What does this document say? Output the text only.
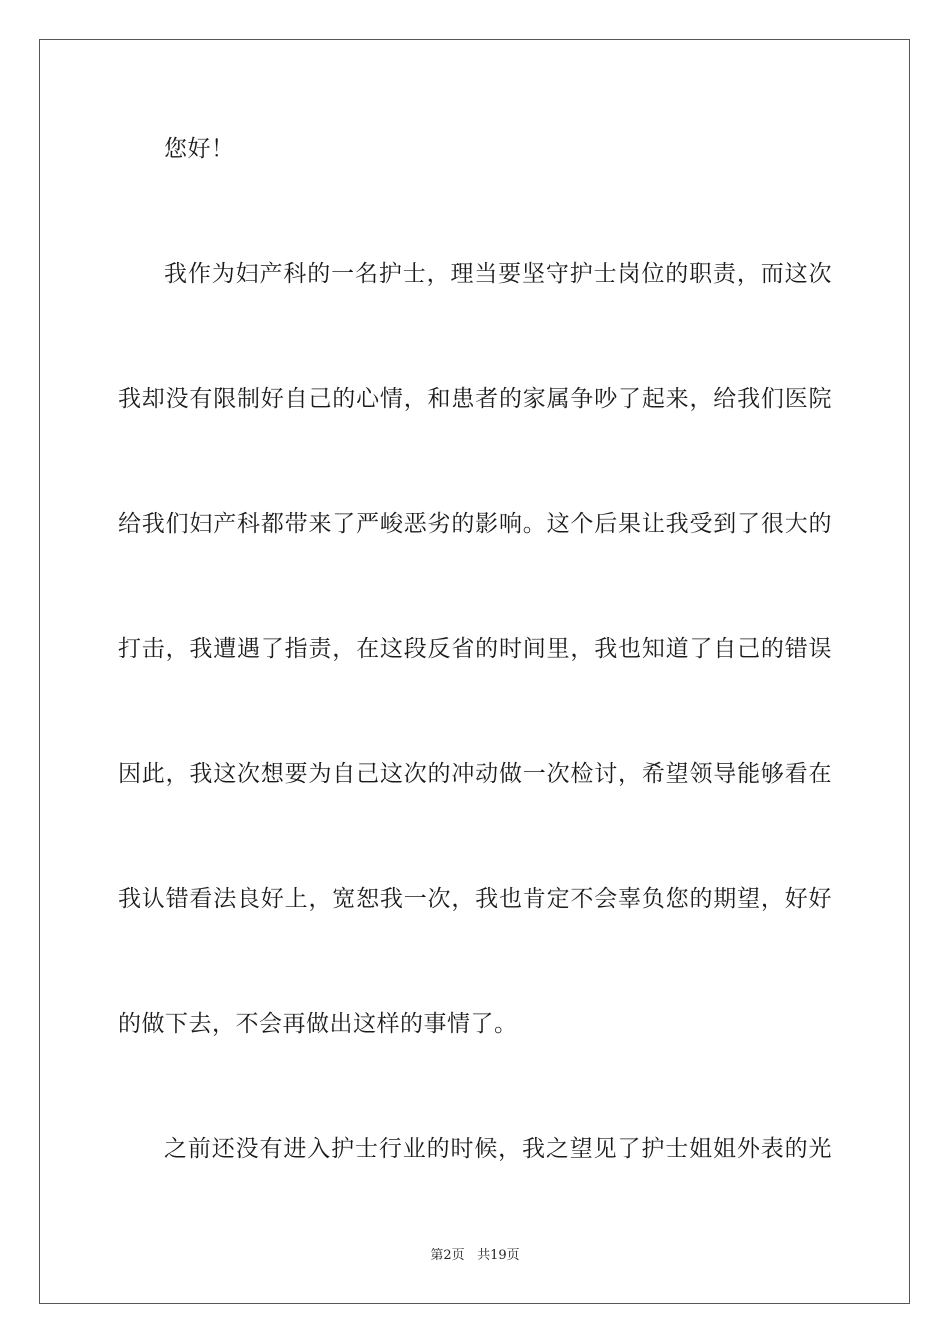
您好！
我作为妇产科的一名护士，理当要坚守护士岗位的职责，而这次
我却没有限制好自己的心情，和患者的家属争吵了起来，给我们医院
给我们妇产科都带来了严峻恶劣的影响。这个后果让我受到了很大的
打击，我遭遇了指责，在这段反省的时间里，我也知道了自己的错误
因此，我这次想要为自己这次的冲动做一次检讨，希望领导能够看在
我认错看法良好上，宽恕我一次，我也肯定不会辜负您的期望，好好
的做下去，不会再做出这样的事情了。
之前还没有进入护士行业的时候，我之望见了护士姐姐外表的光
第2页 共19页
